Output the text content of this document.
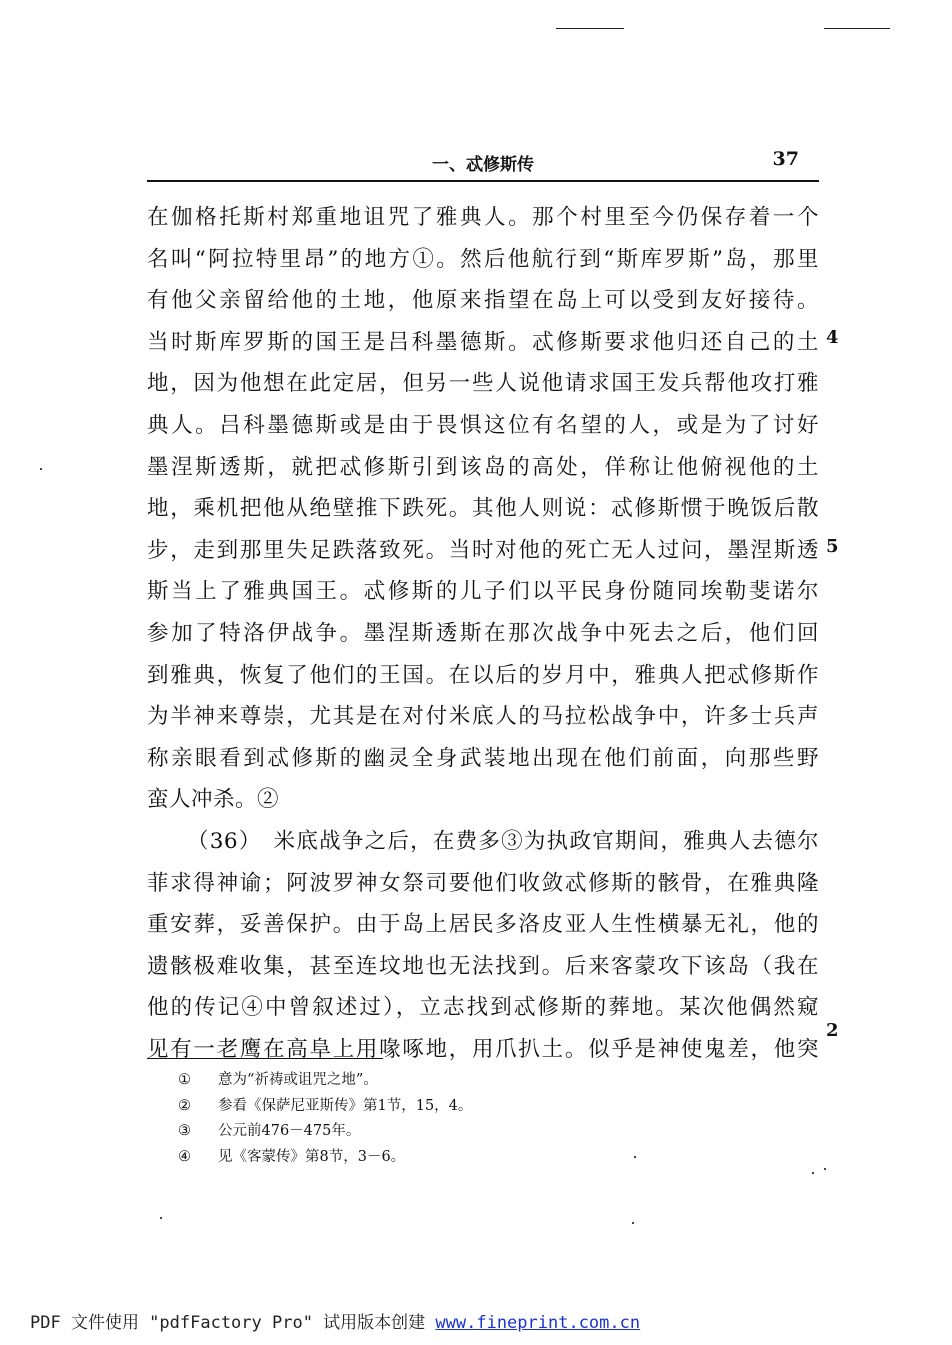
一、忒修斯传	37
在伽格托斯村郑重地诅咒了雅典人。那个村里至今仍保存着一个
名叫“阿拉特里昂”的地方①。然后他航行到“斯库罗斯”岛，那里
有他父亲留给他的土地，他原来指望在岛上可以受到友好接待。
当时斯库罗斯的国王是吕科墨德斯。忒修斯要求他归还自己的土
地，因为他想在此定居，但另一些人说他请求国王发兵帮他攻打雅
典人。吕科墨德斯或是由于畏惧这位有名望的人，或是为了讨好
墨涅斯透斯，就把忒修斯引到该岛的高处，佯称让他俯视他的土
地，乘机把他从绝壁推下跌死。其他人则说：忒修斯惯于晚饭后散
步，走到那里失足跌落致死。当时对他的死亡无人过问，墨涅斯透
斯当上了雅典国王。忒修斯的儿子们以平民身份随同埃勒斐诺尔
参加了特洛伊战争。墨涅斯透斯在那次战争中死去之后，他们回
到雅典，恢复了他们的王国。在以后的岁月中，雅典人把忒修斯作
为半神来尊崇，尤其是在对付米底人的马拉松战争中，许多士兵声
称亲眼看到忒修斯的幽灵全身武装地出现在他们前面，向那些野
蛮人冲杀。②
（36）　米底战争之后，在费多③为执政官期间，雅典人去德尔
菲求得神谕；阿波罗神女祭司要他们收敛忒修斯的骸骨，在雅典隆
重安葬，妥善保护。由于岛上居民多洛皮亚人生性横暴无礼，他的
遗骸极难收集，甚至连坟地也无法找到。后来客蒙攻下该岛（我在
他的传记④中曾叙述过），立志找到忒修斯的葬地。某次他偶然窥
见有一老鹰在高阜上用喙啄地，用爪扒土。似乎是神使鬼差，他突
4
5
2
① 意为“祈祷或诅咒之地”。
② 参看《保萨尼亚斯传》第1节，15，4。
③ 公元前476－475年。
④ 见《客蒙传》第8节，3－6。
PDF 文件使用 "pdfFactory Pro" 试用版本创建 www.fineprint.com.cn
